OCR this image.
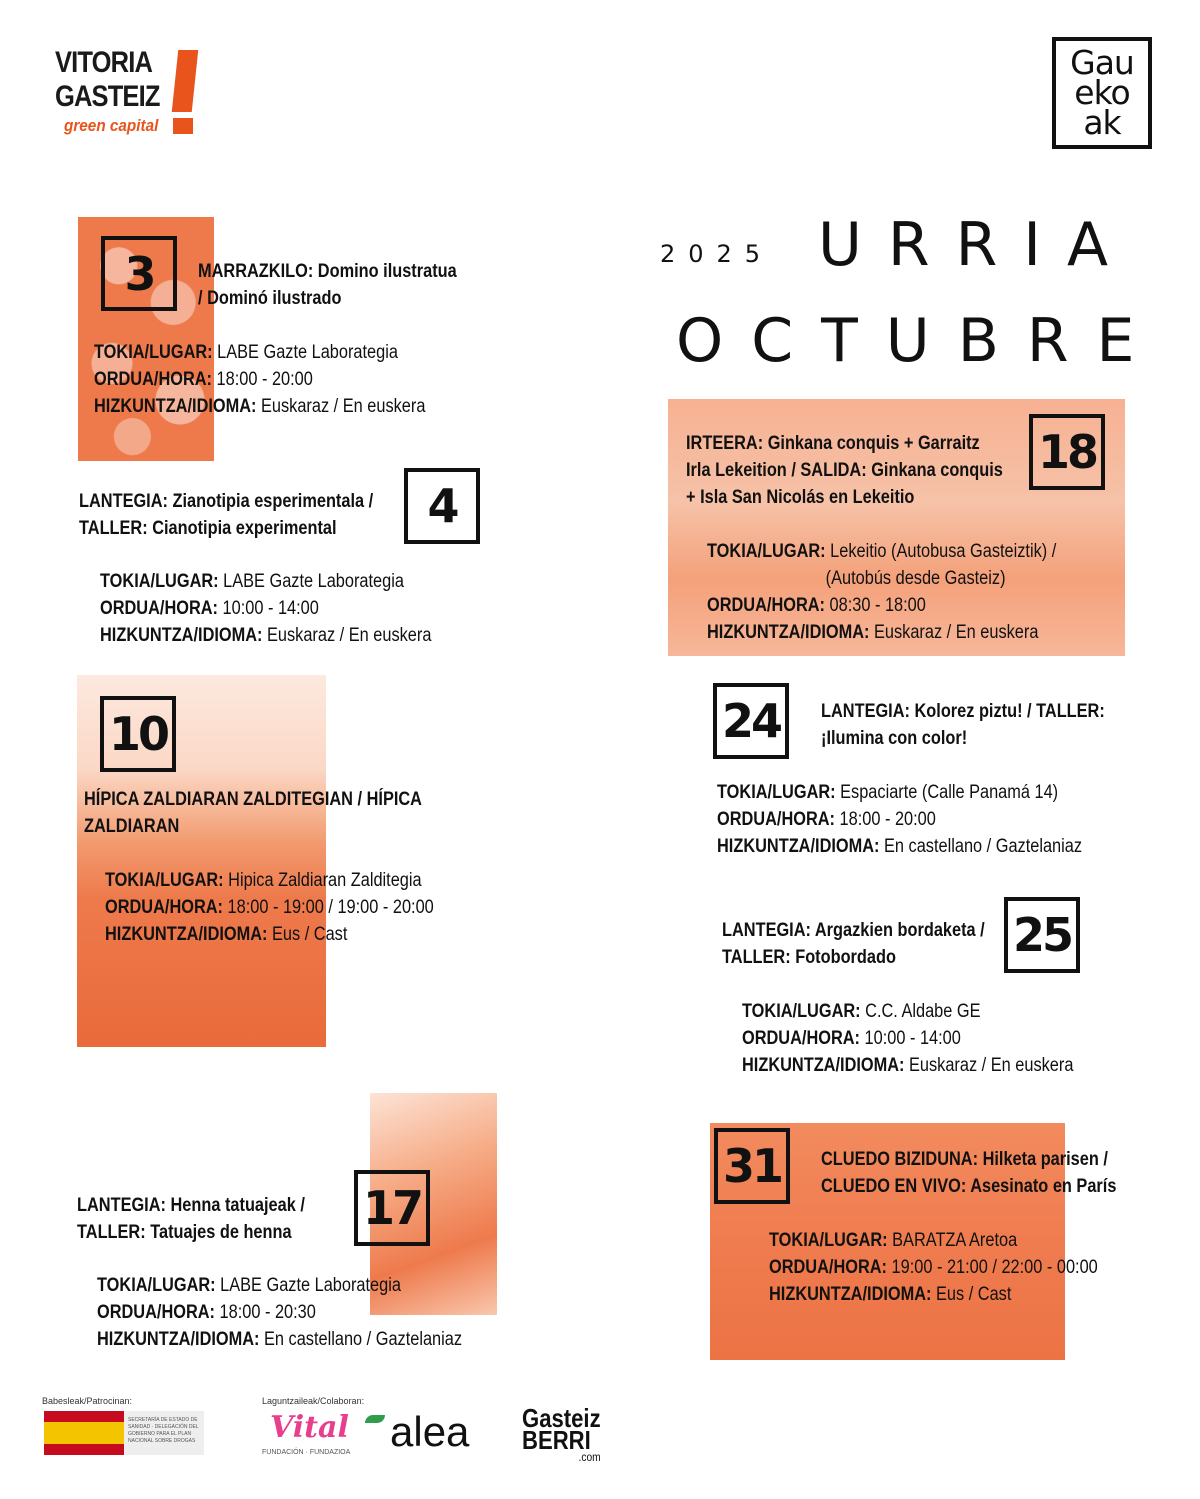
VITORIA
GASTEIZ
green capital
Gau
eko
ak
2025 URRIA
OCTUBRE
3	MARRAZKILO: Domino ilustratua
/ Dominó ilustrado
TOKIA/LUGAR: LABE Gazte Laborategia
ORDUA/HORA: 18:00 - 20:00
HIZKUNTZA/IDIOMA: Euskaraz / En euskera
4
LANTEGIA: Zianotipia esperimentala /
TALLER: Cianotipia experimental
TOKIA/LUGAR: LABE Gazte Laborategia
ORDUA/HORA: 10:00 - 14:00
HIZKUNTZA/IDIOMA: Euskaraz / En euskera
10
HÍPICA ZALDIARAN ZALDITEGIAN / HÍPICA
ZALDIARAN
TOKIA/LUGAR: Hipica Zaldiaran Zalditegia
ORDUA/HORA: 18:00 - 19:00 / 19:00 - 20:00
HIZKUNTZA/IDIOMA: Eus / Cast
17
LANTEGIA: Henna tatuajeak /
TALLER: Tatuajes de henna
TOKIA/LUGAR: LABE Gazte Laborategia
ORDUA/HORA: 18:00 - 20:30
HIZKUNTZA/IDIOMA: En castellano / Gaztelaniaz
18
IRTEERA: Ginkana conquis + Garraitz
Irla Lekeition / SALIDA: Ginkana conquis
+ Isla San Nicolás en Lekeitio
TOKIA/LUGAR: Lekeitio (Autobusa Gasteiztik) /
(Autobús desde Gasteiz)
ORDUA/HORA: 08:30 - 18:00
HIZKUNTZA/IDIOMA: Euskaraz / En euskera
24	LANTEGIA: Kolorez piztu! / TALLER:
¡Ilumina con color!
TOKIA/LUGAR: Espaciarte (Calle Panamá 14)
ORDUA/HORA: 18:00 - 20:00
HIZKUNTZA/IDIOMA: En castellano / Gaztelaniaz
25
LANTEGIA: Argazkien bordaketa /
TALLER: Fotobordado
TOKIA/LUGAR: C.C. Aldabe GE
ORDUA/HORA: 10:00 - 14:00
HIZKUNTZA/IDIOMA: Euskaraz / En euskera
31	CLUEDO BIZIDUNA: Hilketa parisen /
CLUEDO EN VIVO: Asesinato en París
TOKIA/LUGAR: BARATZA Aretoa
ORDUA/HORA: 19:00 - 21:00 / 22:00 - 00:00
HIZKUNTZA/IDIOMA: Eus / Cast
Babesleak/Patrocinan:
SECRETARÍA DE ESTADO DE SANIDAD · DELEGACIÓN DEL GOBIERNO PARA EL PLAN NACIONAL SOBRE DROGAS
Laguntzaileak/Colaboran:
Vital
FUNDACIÓN · FUNDAZIOA alea Gasteiz
BERRI
.com
